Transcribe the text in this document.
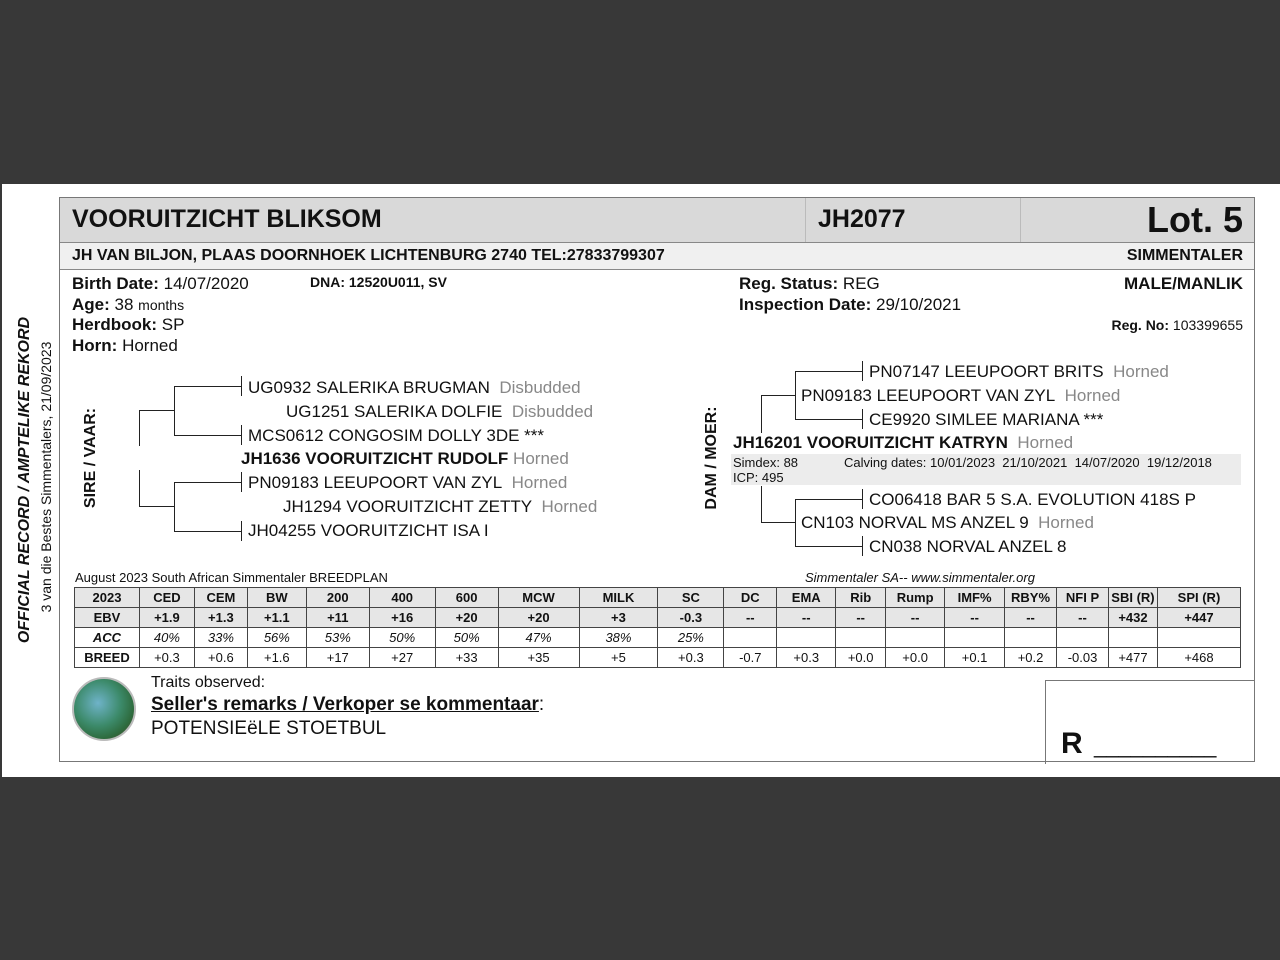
OFFICIAL RECORD / AMPTELIKE REKORD 3 van die Bestes Simmentalers, 21/09/2023
VOORUITZICHT BLIKSOM	JH2077	Lot. 5
JH VAN BILJON, PLAAS DOORNHOEK LICHTENBURG 2740 TEL:27833799307	SIMMENTALER
Birth Date: 14/07/2020	DNA: 12520U011, SV
Age: 38 months
Herdbook: SP
Horn: Horned
Reg. Status: REG
Inspection Date: 29/10/2021
MALE/MANLIK
Reg. No: 103399655
SIRE / VAAR:
UG0932 SALERIKA BRUGMAN Disbudded
UG1251 SALERIKA DOLFIE Disbudded
MCS0612 CONGOSIM DOLLY 3DE ***
JH1636 VOORUITZICHT RUDOLF Horned
PN09183 LEEUPOORT VAN ZYL Horned
JH1294 VOORUITZICHT ZETTY Horned
JH04255 VOORUITZICHT ISA I
DAM / MOER:
PN07147 LEEUPOORT BRITS Horned
PN09183 LEEUPOORT VAN ZYL Horned
CE9920 SIMLEE MARIANA ***
JH16201 VOORUITZICHT KATRYN Horned
Simdex: 88
ICP: 495
Calving dates: 10/01/2023  21/10/2021  14/07/2020  19/12/2018
CO06418 BAR 5 S.A. EVOLUTION 418S P
CN103 NORVAL MS ANZEL 9 Horned
CN038 NORVAL ANZEL 8
August 2023 South African Simmentaler BREEDPLAN	Simmentaler SA-- www.simmentaler.org
2023	CED	CEM	BW	200	400	600	MCW	MILK	SC	DC	EMA	Rib	Rump	IMF%	RBY%	NFI P	SBI (R)	SPI (R)
EBV	+1.9	+1.3	+1.1	+11	+16	+20	+20	+3	-0.3	--	--	--	--	--	--	--	+432	+447
ACC	40%	33%	56%	53%	50%	50%	47%	38%	25%									
BREED	+0.3	+0.6	+1.6	+17	+27	+33	+35	+5	+0.3	-0.7	+0.3	+0.0	+0.0	+0.1	+0.2	-0.03	+477	+468
Traits observed:
Seller's remarks / Verkoper se kommentaar:
POTENSIEëLE STOETBUL	R __________
